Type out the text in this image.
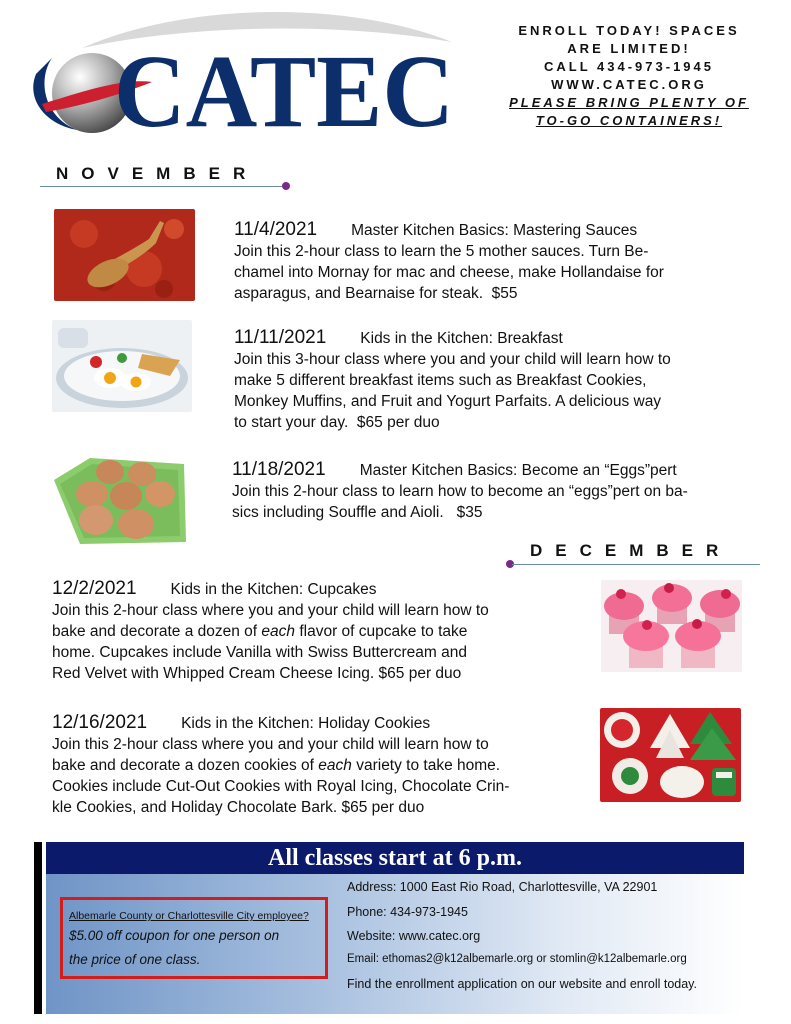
CATEC
ENROLL TODAY! SPACES
ARE LIMITED!
CALL 434-973-1945
WWW.CATEC.ORG
PLEASE BRING PLENTY OF
TO-GO CONTAINERS!
NOVEMBER
11/4/2021 Master Kitchen Basics: Mastering Sauces
Join this 2-hour class to learn the 5 mother sauces. Turn Be-
chamel into Mornay for mac and cheese, make Hollandaise for
asparagus, and Bearnaise for steak. $55
11/11/2021 Kids in the Kitchen: Breakfast
Join this 3-hour class where you and your child will learn how to
make 5 different breakfast items such as Breakfast Cookies,
Monkey Muffins, and Fruit and Yogurt Parfaits. A delicious way
to start your day. $65 per duo
11/18/2021 Master Kitchen Basics: Become an “Eggs”pert
Join this 2-hour class to learn how to become an “eggs”pert on ba-
sics including Souffle and Aioli. $35
DECEMBER
12/2/2021 Kids in the Kitchen: Cupcakes
Join this 2-hour class where you and your child will learn how to
bake and decorate a dozen of each flavor of cupcake to take
home. Cupcakes include Vanilla with Swiss Buttercream and
Red Velvet with Whipped Cream Cheese Icing. $65 per duo
12/16/2021 Kids in the Kitchen: Holiday Cookies
Join this 2-hour class where you and your child will learn how to
bake and decorate a dozen cookies of each variety to take home.
Cookies include Cut-Out Cookies with Royal Icing, Chocolate Crin-
kle Cookies, and Holiday Chocolate Bark. $65 per duo
All classes start at 6 p.m.
Albemarle County or Charlottesville City employee?
$5.00 off coupon for one person on
the price of one class.
Address: 1000 East Rio Road, Charlottesville, VA 22901
Phone: 434-973-1945
Website: www.catec.org
Email: ethomas2@k12albemarle.org or stomlin@k12albemarle.org
Find the enrollment application on our website and enroll today.
